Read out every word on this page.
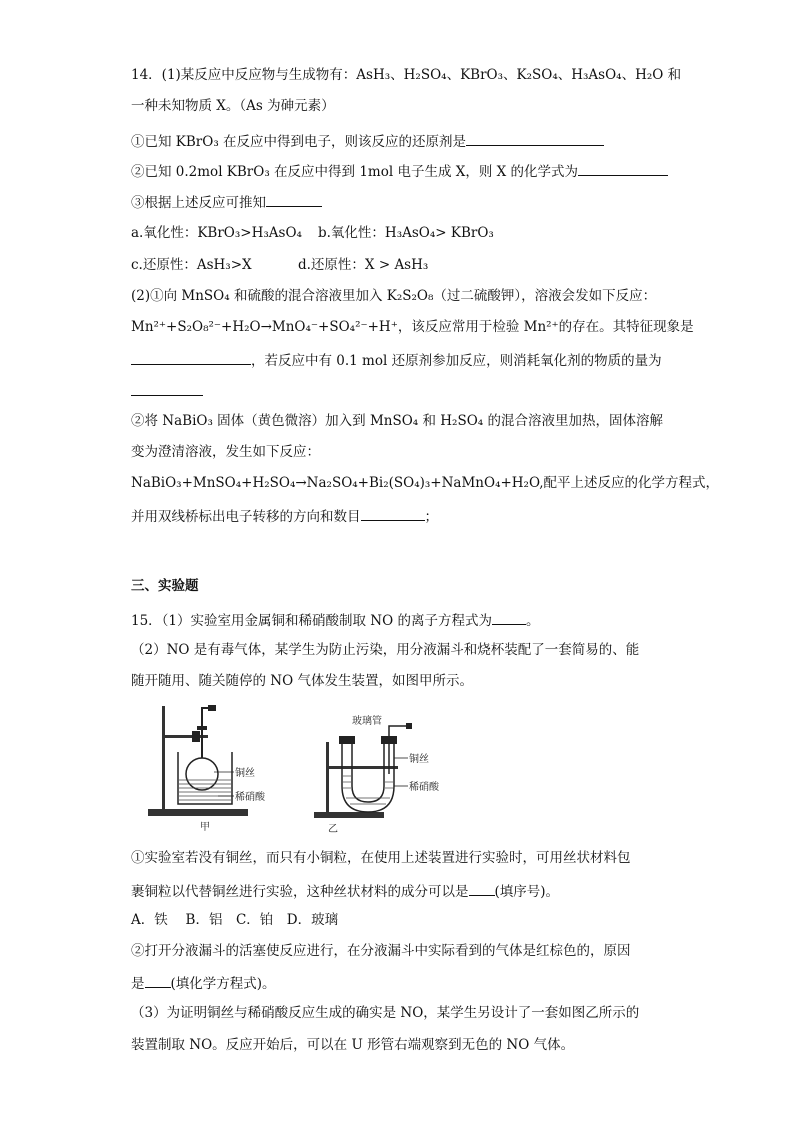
14．(1)某反应中反应物与生成物有：AsH₃、H₂SO₄、KBrO₃、K₂SO₄、H₃AsO₄、H₂O 和
一种未知物质 X。（As 为砷元素）
①已知 KBrO₃ 在反应中得到电子，则该反应的还原剂是
②已知 0.2mol KBrO₃ 在反应中得到 1mol 电子生成 X，则 X 的化学式为
③根据上述反应可推知
a.氧化性：KBrO₃>H₃AsO₄ b.氧化性：H₃AsO₄> KBrO₃
c.还原性：AsH₃>X	d.还原性：X > AsH₃
(2)①向 MnSO₄ 和硫酸的混合溶液里加入 K₂S₂O₈（过二硫酸钾），溶液会发如下反应：
Mn²⁺+S₂O₈²⁻+H₂O→MnO₄⁻+SO₄²⁻+H⁺，该反应常用于检验 Mn²⁺的存在。其特征现象是
，若反应中有 0.1 mol 还原剂参加反应，则消耗氧化剂的物质的量为
②将 NaBiO₃ 固体（黄色微溶）加入到 MnSO₄ 和 H₂SO₄ 的混合溶液里加热，固体溶解
变为澄清溶液，发生如下反应：
NaBiO₃+MnSO₄+H₂SO₄→Na₂SO₄+Bi₂(SO₄)₃+NaMnO₄+H₂O,配平上述反应的化学方程式，
并用双线桥标出电子转移的方向和数目	；
三、实验题
15．（1）实验室用金属铜和稀硝酸制取 NO 的离子方程式为	。
（2）NO 是有毒气体，某学生为防止污染，用分液漏斗和烧杯装配了一套简易的、能
随开随用、随关随停的 NO 气体发生装置，如图甲所示。
铜丝
稀硝酸
甲
玻璃管
铜丝
稀硝酸
乙
①实验室若没有铜丝，而只有小铜粒，在使用上述装置进行实验时，可用丝状材料包
裹铜粒以代替铜丝进行实验，这种丝状材料的成分可以是 (填序号)。
A．铁　 B．铝　C．铂　D．玻璃
②打开分液漏斗的活塞使反应进行，在分液漏斗中实际看到的气体是红棕色的，原因
是 (填化学方程式)。
（3）为证明铜丝与稀硝酸反应生成的确实是 NO，某学生另设计了一套如图乙所示的
装置制取 NO。反应开始后，可以在 U 形管右端观察到无色的 NO 气体。
